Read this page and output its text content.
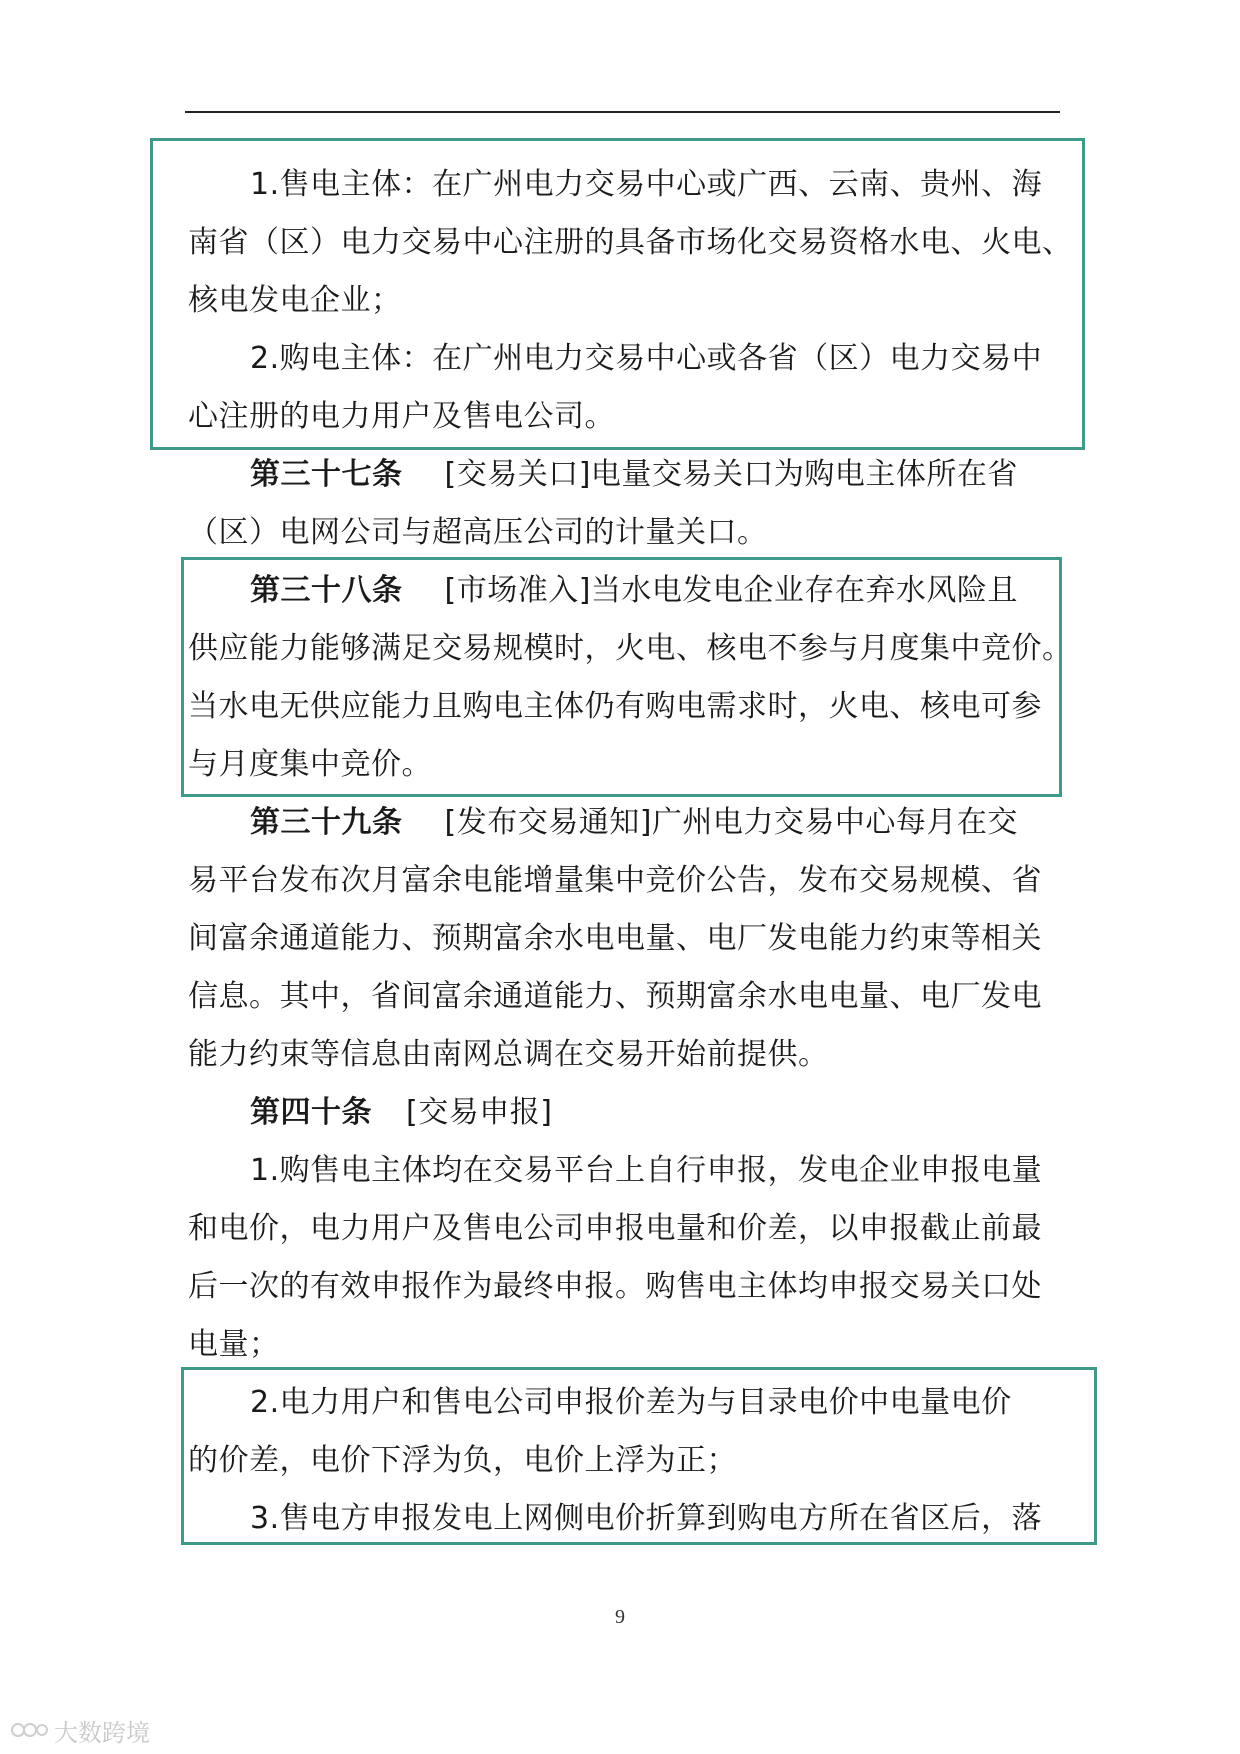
1.售电主体：在广州电力交易中心或广西、云南、贵州、海
南省（区）电力交易中心注册的具备市场化交易资格水电、火电、
核电发电企业；
2.购电主体：在广州电力交易中心或各省（区）电力交易中
心注册的电力用户及售电公司。
第三十七条 [交易关口]电量交易关口为购电主体所在省
（区）电网公司与超高压公司的计量关口。
第三十八条 [市场准入]当水电发电企业存在弃水风险且
供应能力能够满足交易规模时，火电、核电不参与月度集中竞价。
当水电无供应能力且购电主体仍有购电需求时，火电、核电可参
与月度集中竞价。
第三十九条 [发布交易通知]广州电力交易中心每月在交
易平台发布次月富余电能增量集中竞价公告，发布交易规模、省
间富余通道能力、预期富余水电电量、电厂发电能力约束等相关
信息。其中，省间富余通道能力、预期富余水电电量、电厂发电
能力约束等信息由南网总调在交易开始前提供。
第四十条 [交易申报]
1.购售电主体均在交易平台上自行申报，发电企业申报电量
和电价，电力用户及售电公司申报电量和价差，以申报截止前最
后一次的有效申报作为最终申报。购售电主体均申报交易关口处
电量；
2.电力用户和售电公司申报价差为与目录电价中电量电价
的价差，电价下浮为负，电价上浮为正；
3.售电方申报发电上网侧电价折算到购电方所在省区后，落
9
大数跨境
